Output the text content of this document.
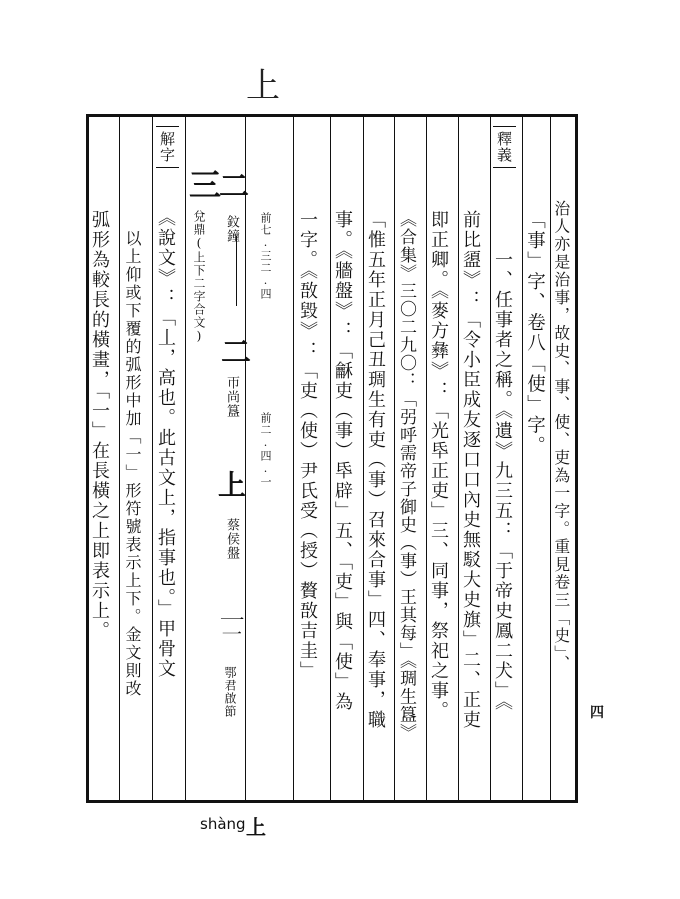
上
釋義
治人亦是治事，故史、事、使、吏為一字。重見卷三「史」、
「事」字、卷八「使」字。
一、任事者之稱。《遺》九三五：「于帝史鳳二犬」《
前比盨》：「令小臣成友逐口口內史無駁大史旗」二、正吏
即正卿。《麥方彝》：「光氒正吏」三、同事，祭祀之事。
《合集》三〇二九〇：「弜呼需帝子御史（事）王其每」《琱生簋》
「惟五年正月己丑琱生有吏（事）召來合事」四、奉事，職
事。《牆盤》：「龢吏（事）氒辟」五、「吏」與「使」為
一字。《敔毀》：「吏（使）尹氏受（授）贅敔吉圭」
二
前七.三二.四
鈫鐘
二
帀尚簋
前二.四.一
上
蔡侯盤
𠄟
鄂君啟節
三
兌鼎(上下二字合文)
解字
《說文》：「丄，高也。此古文上，指事也。」甲骨文
以上仰或下覆的弧形中加「一」形符號表示上下。金文則改
弧形為較長的橫畫，「一」在長橫之上即表示上。
四
shàng 上
